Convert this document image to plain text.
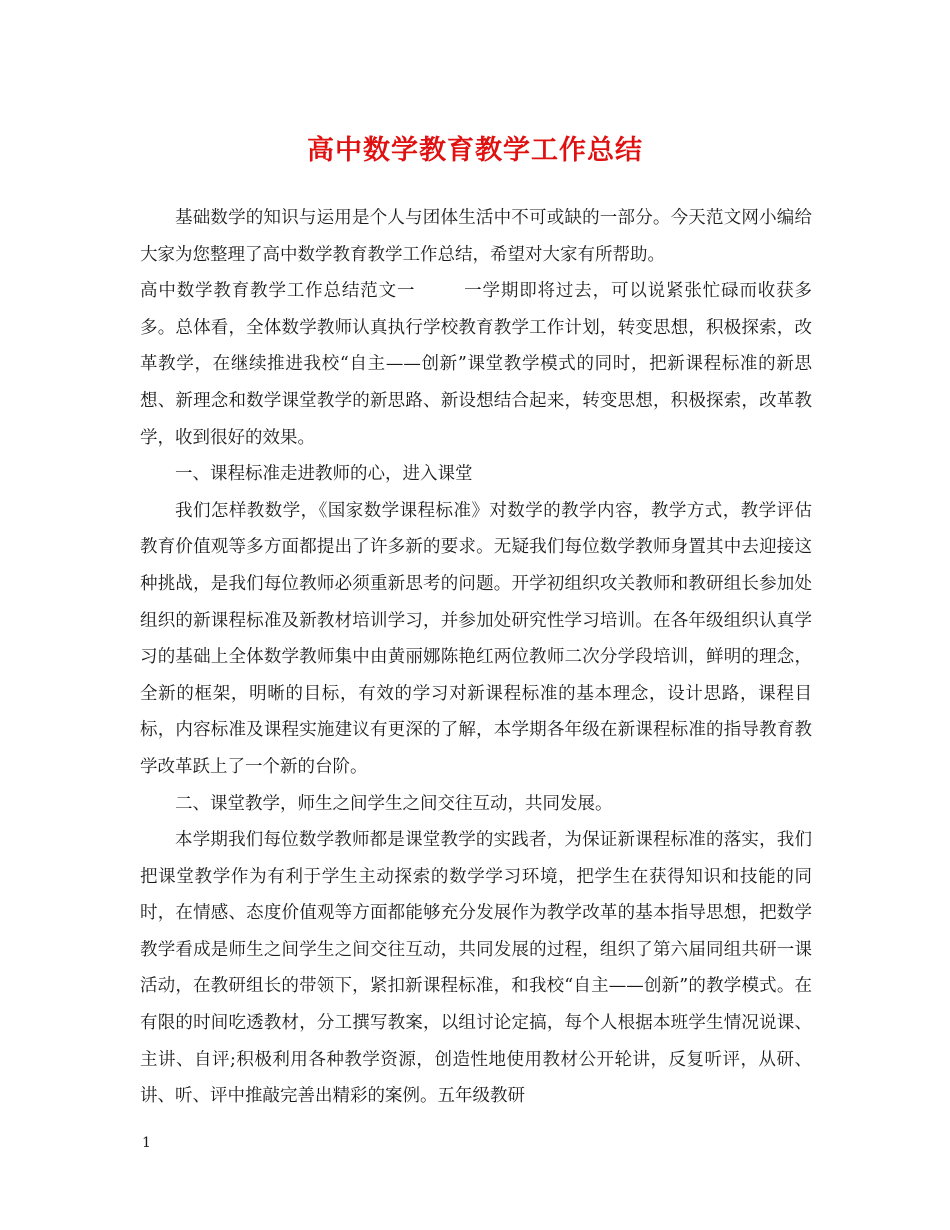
高中数学教育教学工作总结

基础数学的知识与运用是个人与团体生活中不可或缺的一部分。今天范文网小编给大家为您整理了高中数学教育教学工作总结，希望对大家有所帮助。

高中数学教育教学工作总结范文一	一学期即将过去，可以说紧张忙碌而收获多多。总体看，全体数学教师认真执行学校教育教学工作计划，转变思想，积极探索，改革教学，在继续推进我校“自主——创新”课堂教学模式的同时，把新课程标准的新思想、新理念和数学课堂教学的新思路、新设想结合起来，转变思想，积极探索，改革教学，收到很好的效果。

一、课程标准走进教师的心，进入课堂

我们怎样教数学，《国家数学课程标准》对数学的教学内容，教学方式，教学评估教育价值观等多方面都提出了许多新的要求。无疑我们每位数学教师身置其中去迎接这种挑战，是我们每位教师必须重新思考的问题。开学初组织攻关教师和教研组长参加处组织的新课程标准及新教材培训学习，并参加处研究性学习培训。在各年级组织认真学习的基础上全体数学教师集中由黄丽娜陈艳红两位教师二次分学段培训，鲜明的理念，全新的框架，明晰的目标，有效的学习对新课程标准的基本理念，设计思路，课程目标，内容标准及课程实施建议有更深的了解，本学期各年级在新课程标准的指导教育教学改革跃上了一个新的台阶。

二、课堂教学，师生之间学生之间交往互动，共同发展。

本学期我们每位数学教师都是课堂教学的实践者，为保证新课程标准的落实，我们把课堂教学作为有利于学生主动探索的数学学习环境，把学生在获得知识和技能的同时，在情感、态度价值观等方面都能够充分发展作为教学改革的基本指导思想，把数学教学看成是师生之间学生之间交往互动，共同发展的过程，组织了第六届同组共研一课活动，在教研组长的带领下，紧扣新课程标准，和我校“自主——创新”的教学模式。在有限的时间吃透教材，分工撰写教案，以组讨论定搞，每个人根据本班学生情况说课、主讲、自评;积极利用各种教学资源，创造性地使用教材公开轮讲，反复听评，从研、讲、听、评中推敲完善出精彩的案例。五年级教研

1
